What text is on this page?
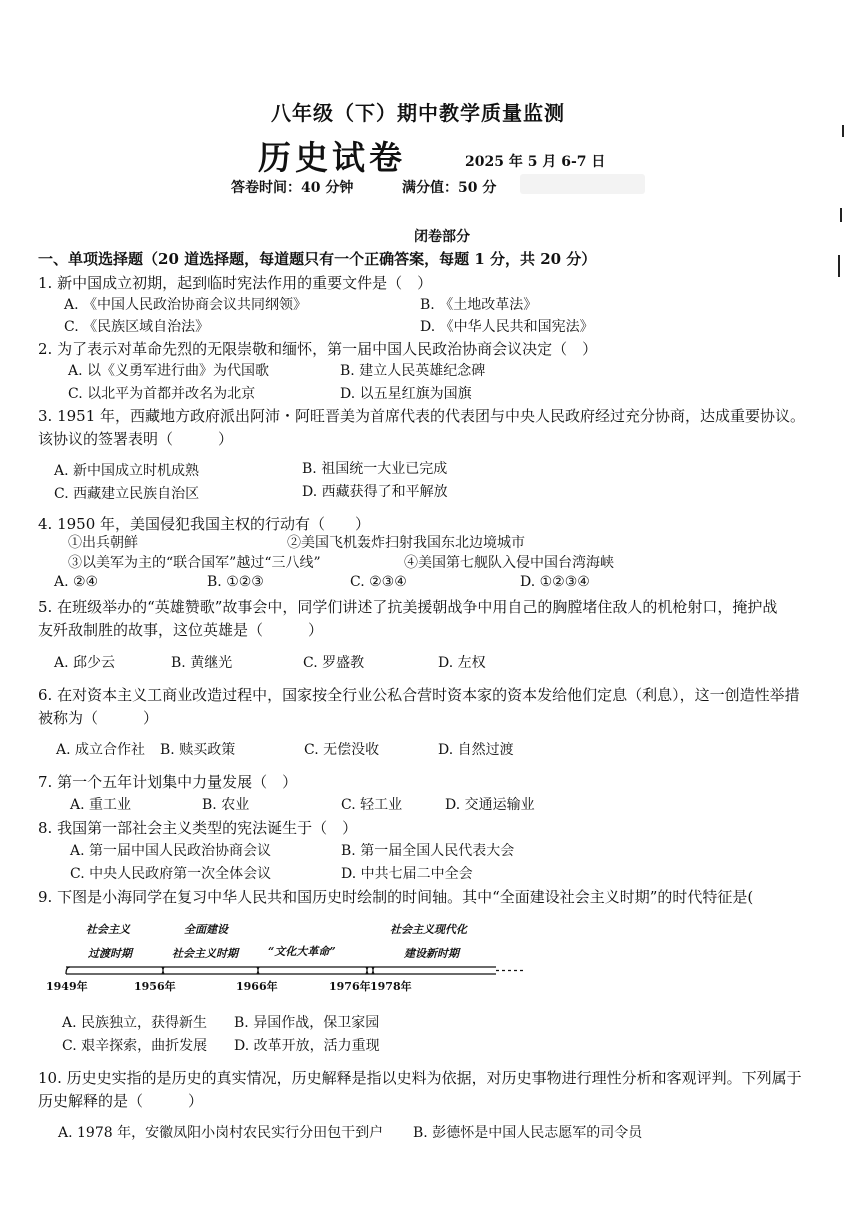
八年级（下）期中教学质量监测
历史试卷	2025 年 5 月 6-7 日
答卷时间：40 分钟	满分值：50 分
闭卷部分
一、单项选择题（20 道选择题，每道题只有一个正确答案，每题 1 分，共 20 分）
1. 新中国成立初期，起到临时宪法作用的重要文件是（　）
A. 《中国人民政治协商会议共同纲领》	B. 《土地改革法》
C. 《民族区域自治法》	D. 《中华人民共和国宪法》
2. 为了表示对革命先烈的无限崇敬和缅怀，第一届中国人民政治协商会议决定（　）
A. 以《义勇军进行曲》为代国歌	B. 建立人民英雄纪念碑
C. 以北平为首都并改名为北京	D. 以五星红旗为国旗
3. 1951 年，西藏地方政府派出阿沛・阿旺晋美为首席代表的代表团与中央人民政府经过充分协商，达成重要协议。
该协议的签署表明（　　　）
A. 新中国成立时机成熟	B. 祖国统一大业已完成
C. 西藏建立民族自治区	D. 西藏获得了和平解放
4. 1950 年，美国侵犯我国主权的行动有（　　）
①出兵朝鲜	②美国飞机轰炸扫射我国东北边境城市
③以美军为主的“联合国军”越过“三八线”	④美国第七舰队入侵中国台湾海峡
A. ②④	B. ①②③	C. ②③④	D. ①②③④
5. 在班级举办的“英雄赞歌”故事会中，同学们讲述了抗美援朝战争中用自己的胸膛堵住敌人的机枪射口，掩护战
友歼敌制胜的故事，这位英雄是（　　　）
A. 邱少云	B. 黄继光	C. 罗盛教	D. 左权
6. 在对资本主义工商业改造过程中，国家按全行业公私合营时资本家的资本发给他们定息（利息），这一创造性举措
被称为（　　　）
A. 成立合作社 B. 赎买政策	C. 无偿没收	D. 自然过渡
7. 第一个五年计划集中力量发展（　）
A. 重工业	B. 农业	C. 轻工业	D. 交通运输业
8. 我国第一部社会主义类型的宪法诞生于（　）
A. 第一届中国人民政治协商会议	B. 第一届全国人民代表大会
C. 中央人民政府第一次全体会议	D. 中共七届二中全会
9. 下图是小海同学在复习中华人民共和国历史时绘制的时间轴。其中“全面建设社会主义时期”的时代特征是(
社会主义
过渡时期
全面建设
社会主义时期	“文化大革命”
社会主义现代化
建设新时期
1949年	1956年	1966年	1976年 1978年
A. 民族独立，获得新生 B. 异国作战，保卫家园
C. 艰辛探索，曲折发展 D. 改革开放，活力重现
10. 历史史实指的是历史的真实情况，历史解释是指以史料为依据，对历史事物进行理性分析和客观评判。下列属于
历史解释的是（　　　）
A. 1978 年，安徽凤阳小岗村农民实行分田包干到户 B. 彭德怀是中国人民志愿军的司令员
